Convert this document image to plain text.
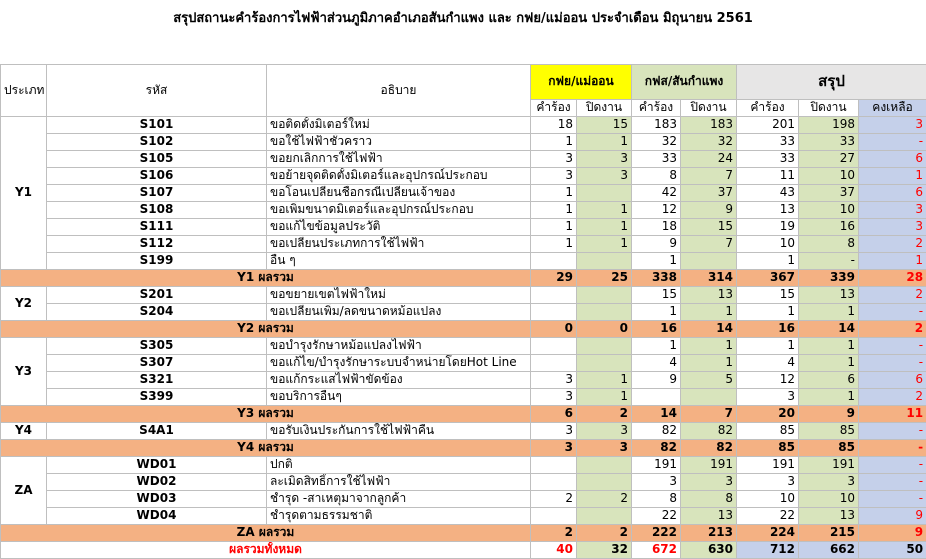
สรุปสถานะคำร้องการไฟฟ้าส่วนภูมิภาคอำเภอสันกำแพง และ กฟย/แม่ออน ประจำเดือน มิถุนายน 2561

ประเภท	รหัส	อธิบาย	กฟย/แม่ออน		กฟส/สันกำแพง		สรุป		
			คำร้อง	ปิดงาน	คำร้อง	ปิดงาน	คำร้อง	ปิดงาน	คงเหลือ
Y1	S101	ขอติดตั้งมิเตอร์ใหม่	18	15	183	183	201	198	3
	S102	ขอใช้ไฟฟ้าชั่วคราว	1	1	32	32	33	33	-
	S105	ขอยกเลิกการใช้ไฟฟ้า	3	3	33	24	33	27	6
	S106	ขอย้ายจุดติดตั้งมิเตอร์และอุปกรณ์ประกอบ	3	3	8	7	11	10	1
	S107	ขอโอนเปลี่ยนชื่อกรณีเปลี่ยนเจ้าของ	1		42	37	43	37	6
	S108	ขอเพิ่มขนาดมิเตอร์และอุปกรณ์ประกอบ	1	1	12	9	13	10	3
	S111	ขอแก้ไขข้อมูลประวัติ	1	1	18	15	19	16	3
	S112	ขอเปลี่ยนประเภทการใช้ไฟฟ้า	1	1	9	7	10	8	2
	S199	อื่น ๆ			1		1	-	1
Y1 ผลรวม			29	25	338	314	367	339	28
Y2	S201	ขอขยายเขตไฟฟ้าใหม่			15	13	15	13	2
	S204	ขอเปลี่ยนเพิ่ม/ลดขนาดหม้อแปลง			1	1	1	1	-
Y2 ผลรวม			0	0	16	14	16	14	2
Y3	S305	ขอบำรุงรักษาหม้อแปลงไฟฟ้า			1	1	1	1	-
	S307	ขอแก้ไข/บำรุงรักษาระบบจำหน่ายโดยHot Line			4	1	4	1	-
	S321	ขอแก้กระแสไฟฟ้าขัดข้อง	3	1	9	5	12	6	6
	S399	ขอบริการอื่นๆ	3	1			3	1	2
Y3 ผลรวม			6	2	14	7	20	9	11
Y4	S4A1	ขอรับเงินประกันการใช้ไฟฟ้าคืน	3	3	82	82	85	85	-
Y4 ผลรวม			3	3	82	82	85	85	-
ZA	WD01	ปกติ			191	191	191	191	-
	WD02	ละเมิดสิทธิ์การใช้ไฟฟ้า			3	3	3	3	-
	WD03	ชำรุด -สาเหตุมาจากลูกค้า	2	2	8	8	10	10	-
	WD04	ชำรุดตามธรรมชาติ			22	13	22	13	9
ZA ผลรวม			2	2	222	213	224	215	9
ผลรวมทั้งหมด			40	32	672	630	712	662	50
